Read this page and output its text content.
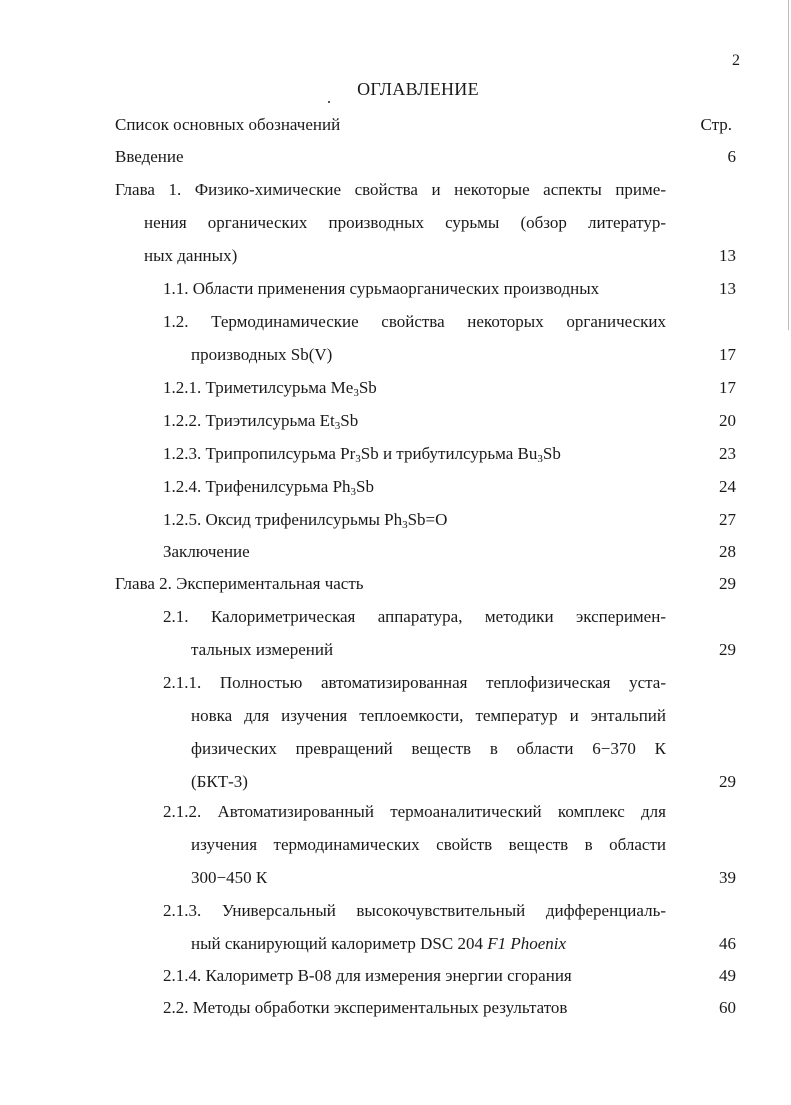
2
ОГЛАВЛЕНИЕ
Список основных обозначений	Стр.
Введение	6
Глава 1. Физико-химические свойства и некоторые аспекты приме-
нения органических производных сурьмы (обзор литератур-
ных данных)	13
1.1. Области применения сурьмаорганических производных	13
1.2. Термодинамические свойства некоторых органических
производных Sb(V)	17
1.2.1. Триметилсурьма $Me_3Sb$	17
1.2.2. Триэтилсурьма $Et_3Sb$	20
1.2.3. Трипропилсурьма $Pr_3Sb$ и трибутилсурьма $Bu_3Sb$	23
1.2.4. Трифенилсурьма $Ph_3Sb$	24
1.2.5. Оксид трифенилсурьмы $Ph_3Sb=O$	27
Заключение	28
Глава 2. Экспериментальная часть	29
2.1. Калориметрическая аппаратура, методики эксперимен-
тальных измерений	29
2.1.1. Полностью автоматизированная теплофизическая уста-
новка для изучения теплоемкости, температур и энтальпий
физических превращений веществ в области 6−370 К
(БКТ-3)	29
2.1.2. Автоматизированный термоаналитический комплекс для
изучения термодинамических свойств веществ в области
300−450 К	39
2.1.3. Универсальный высокочувствительный дифференциаль-
ный сканирующий калориметр DSC 204 F1 Phoenix	46
2.1.4. Калориметр B-08 для измерения энергии сгорания	49
2.2. Методы обработки экспериментальных результатов	60
